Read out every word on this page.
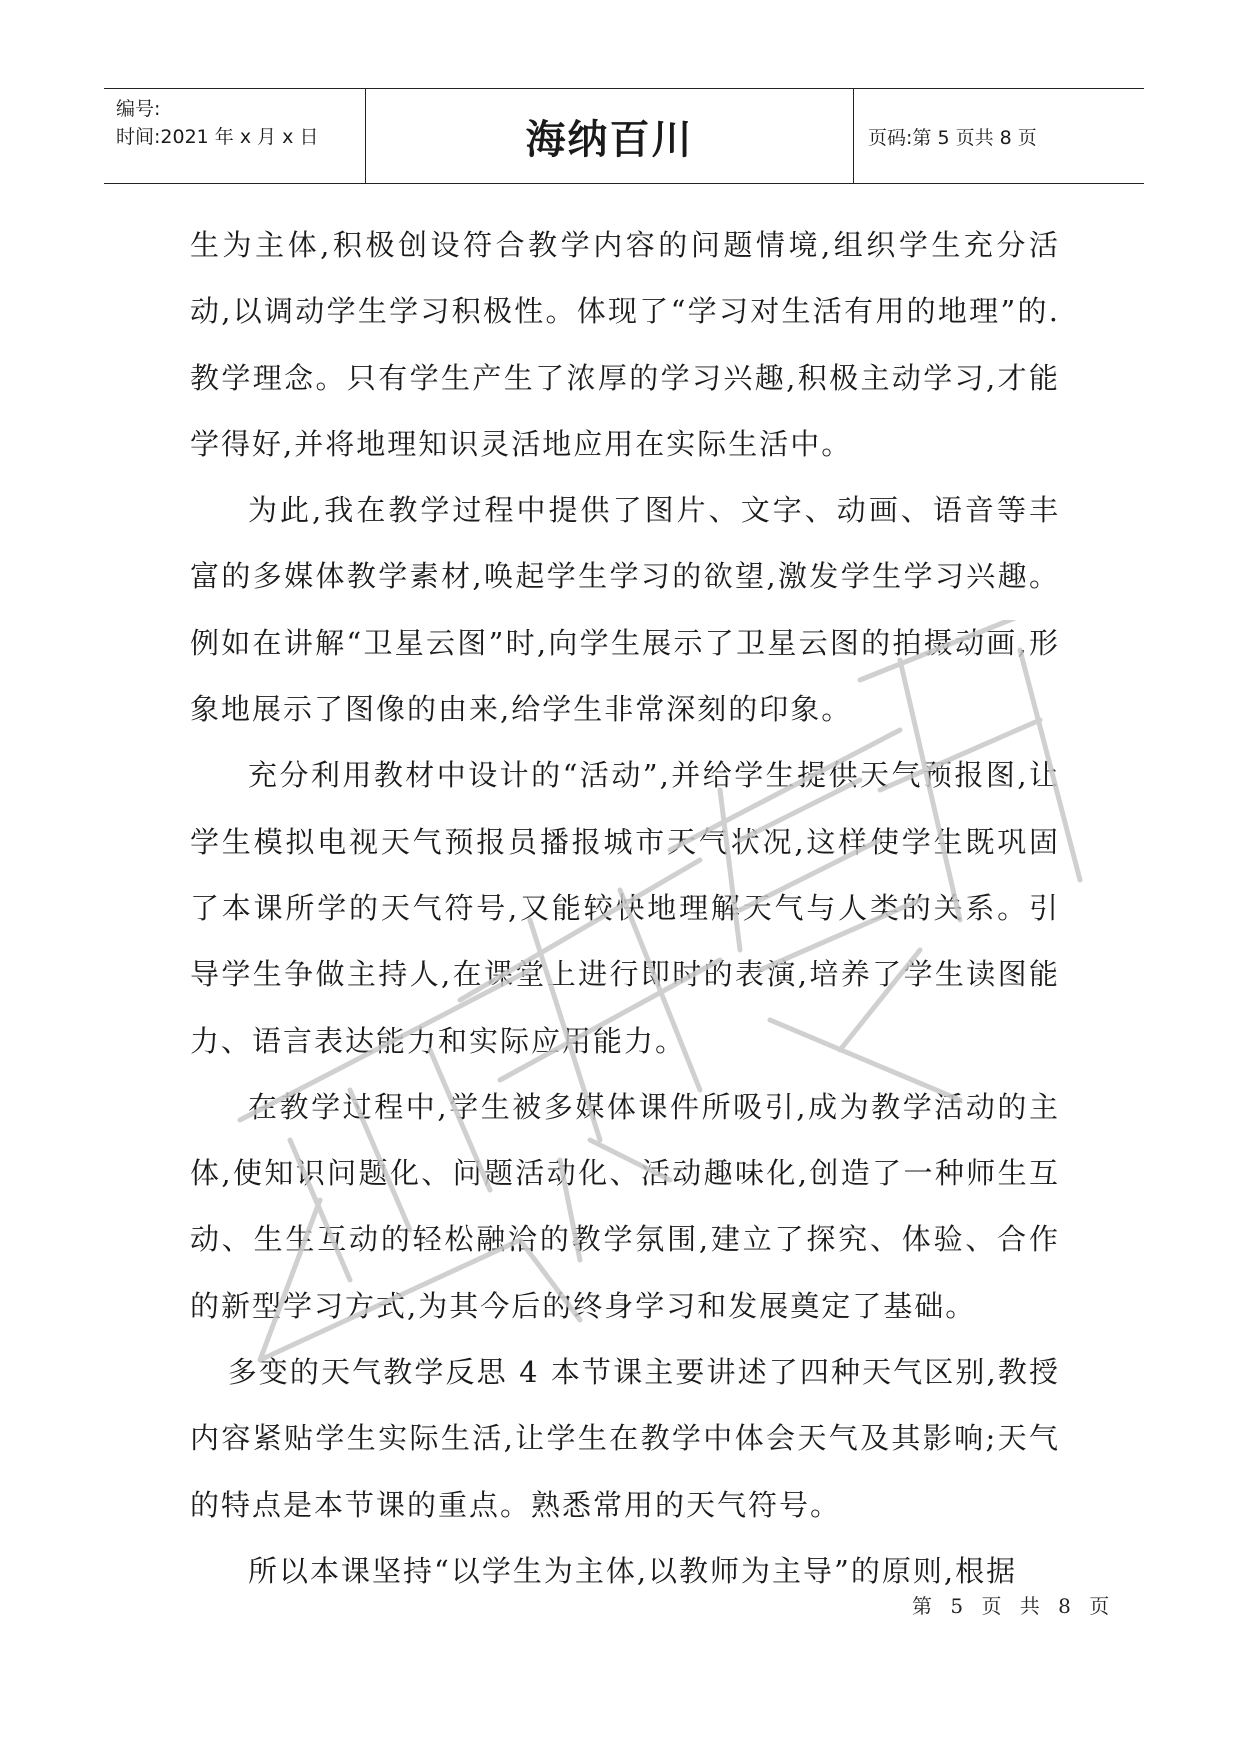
编号:
时间:2021 年 x 月 x 日	海纳百川	页码:第 5 页共 8 页

生为主体,积极创设符合教学内容的问题情境,组织学生充分活动,以调动学生学习积极性。体现了“学习对生活有用的地理”的.教学理念。只有学生产生了浓厚的学习兴趣,积极主动学习,才能学得好,并将地理知识灵活地应用在实际生活中。

为此,我在教学过程中提供了图片、文字、动画、语音等丰富的多媒体教学素材,唤起学生学习的欲望,激发学生学习兴趣。例如在讲解“卫星云图”时,向学生展示了卫星云图的拍摄动画,形象地展示了图像的由来,给学生非常深刻的印象。

充分利用教材中设计的“活动”,并给学生提供天气预报图,让学生模拟电视天气预报员播报城市天气状况,这样使学生既巩固了本课所学的天气符号,又能较快地理解天气与人类的关系。引导学生争做主持人,在课堂上进行即时的表演,培养了学生读图能力、语言表达能力和实际应用能力。

在教学过程中,学生被多媒体课件所吸引,成为教学活动的主体,使知识问题化、问题活动化、活动趣味化,创造了一种师生互动、生生互动的轻松融洽的教学氛围,建立了探究、体验、合作的新型学习方式,为其今后的终身学习和发展奠定了基础。

多变的天气教学反思 4 本节课主要讲述了四种天气区别,教授内容紧贴学生实际生活,让学生在教学中体会天气及其影响;天气的特点是本节课的重点。熟悉常用的天气符号。

所以本课坚持“以学生为主体,以教师为主导”的原则,根据

第 5 页 共 8 页
